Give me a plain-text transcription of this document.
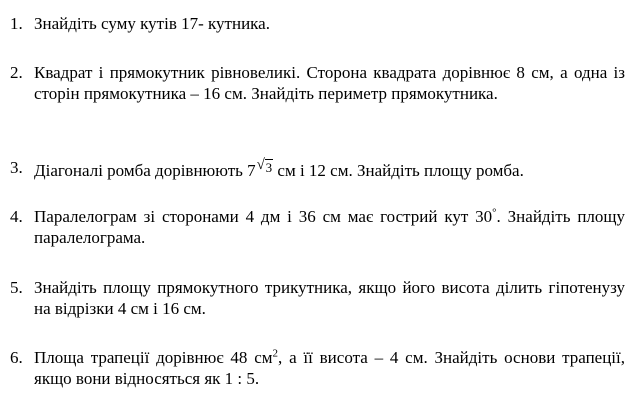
1. Знайдіть суму кутів 17- кутника.
2. Квадрат і прямокутник рівновеликі. Сторона квадрата дорівнює 8 см, а одна із сторін прямокутника – 16 см. Знайдіть периметр прямокутника.
3. Діагоналі ромба дорівнюють 7 √ 3 см і 12 см. Знайдіть площу ромба.
4. Паралелограм зі сторонами 4 дм і 36 см має гострий кут 30°. Знайдіть площу паралелограма.
5. Знайдіть площу прямокутного трикутника, якщо його висота ділить гіпотенузу на відрізки 4 см і 16 см.
6. Площа трапеції дорівнює 48 $см^2$, а її висота – 4 см. Знайдіть основи трапеції, якщо вони відносяться як 1 : 5.
